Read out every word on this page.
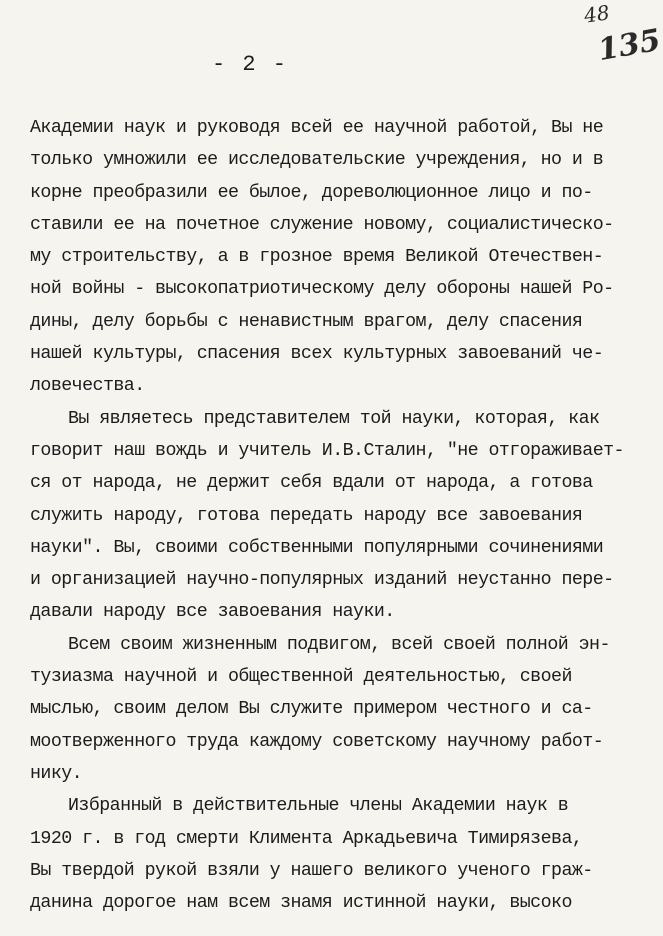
48
135
- 2 -
Академии наук и руководя всей ее научной работой, Вы не
только умножили ее исследовательские учреждения, но и в
корне преобразили ее былое, дореволюционное лицо и по-
ставили ее на почетное служение новому, социалистическо-
му строительству, а в грозное время Великой Отечествен-
ной войны - высокопатриотическому делу обороны нашей Ро-
дины, делу борьбы с ненавистным врагом, делу спасения
нашей культуры, спасения всех культурных завоеваний че-
ловечества.
Вы являетесь представителем той науки, которая, как
говорит наш вождь и учитель И.В.Сталин, "не отгораживает-
ся от народа, не держит себя вдали от народа, а готова
служить народу, готова передать народу все завоевания
науки". Вы, своими собственными популярными сочинениями
и организацией научно-популярных изданий неустанно пере-
давали народу все завоевания науки.
Всем своим жизненным подвигом, всей своей полной эн-
тузиазма научной и общественной деятельностью, своей
мыслью, своим делом Вы служите примером честного и са-
моотверженного труда каждому советскому научному работ-
нику.
Избранный в действительные члены Академии наук в
1920 г. в год смерти Климента Аркадьевича Тимирязева,
Вы твердой рукой взяли у нашего великого ученого граж-
данина дорогое нам всем знамя истинной науки, высоко
